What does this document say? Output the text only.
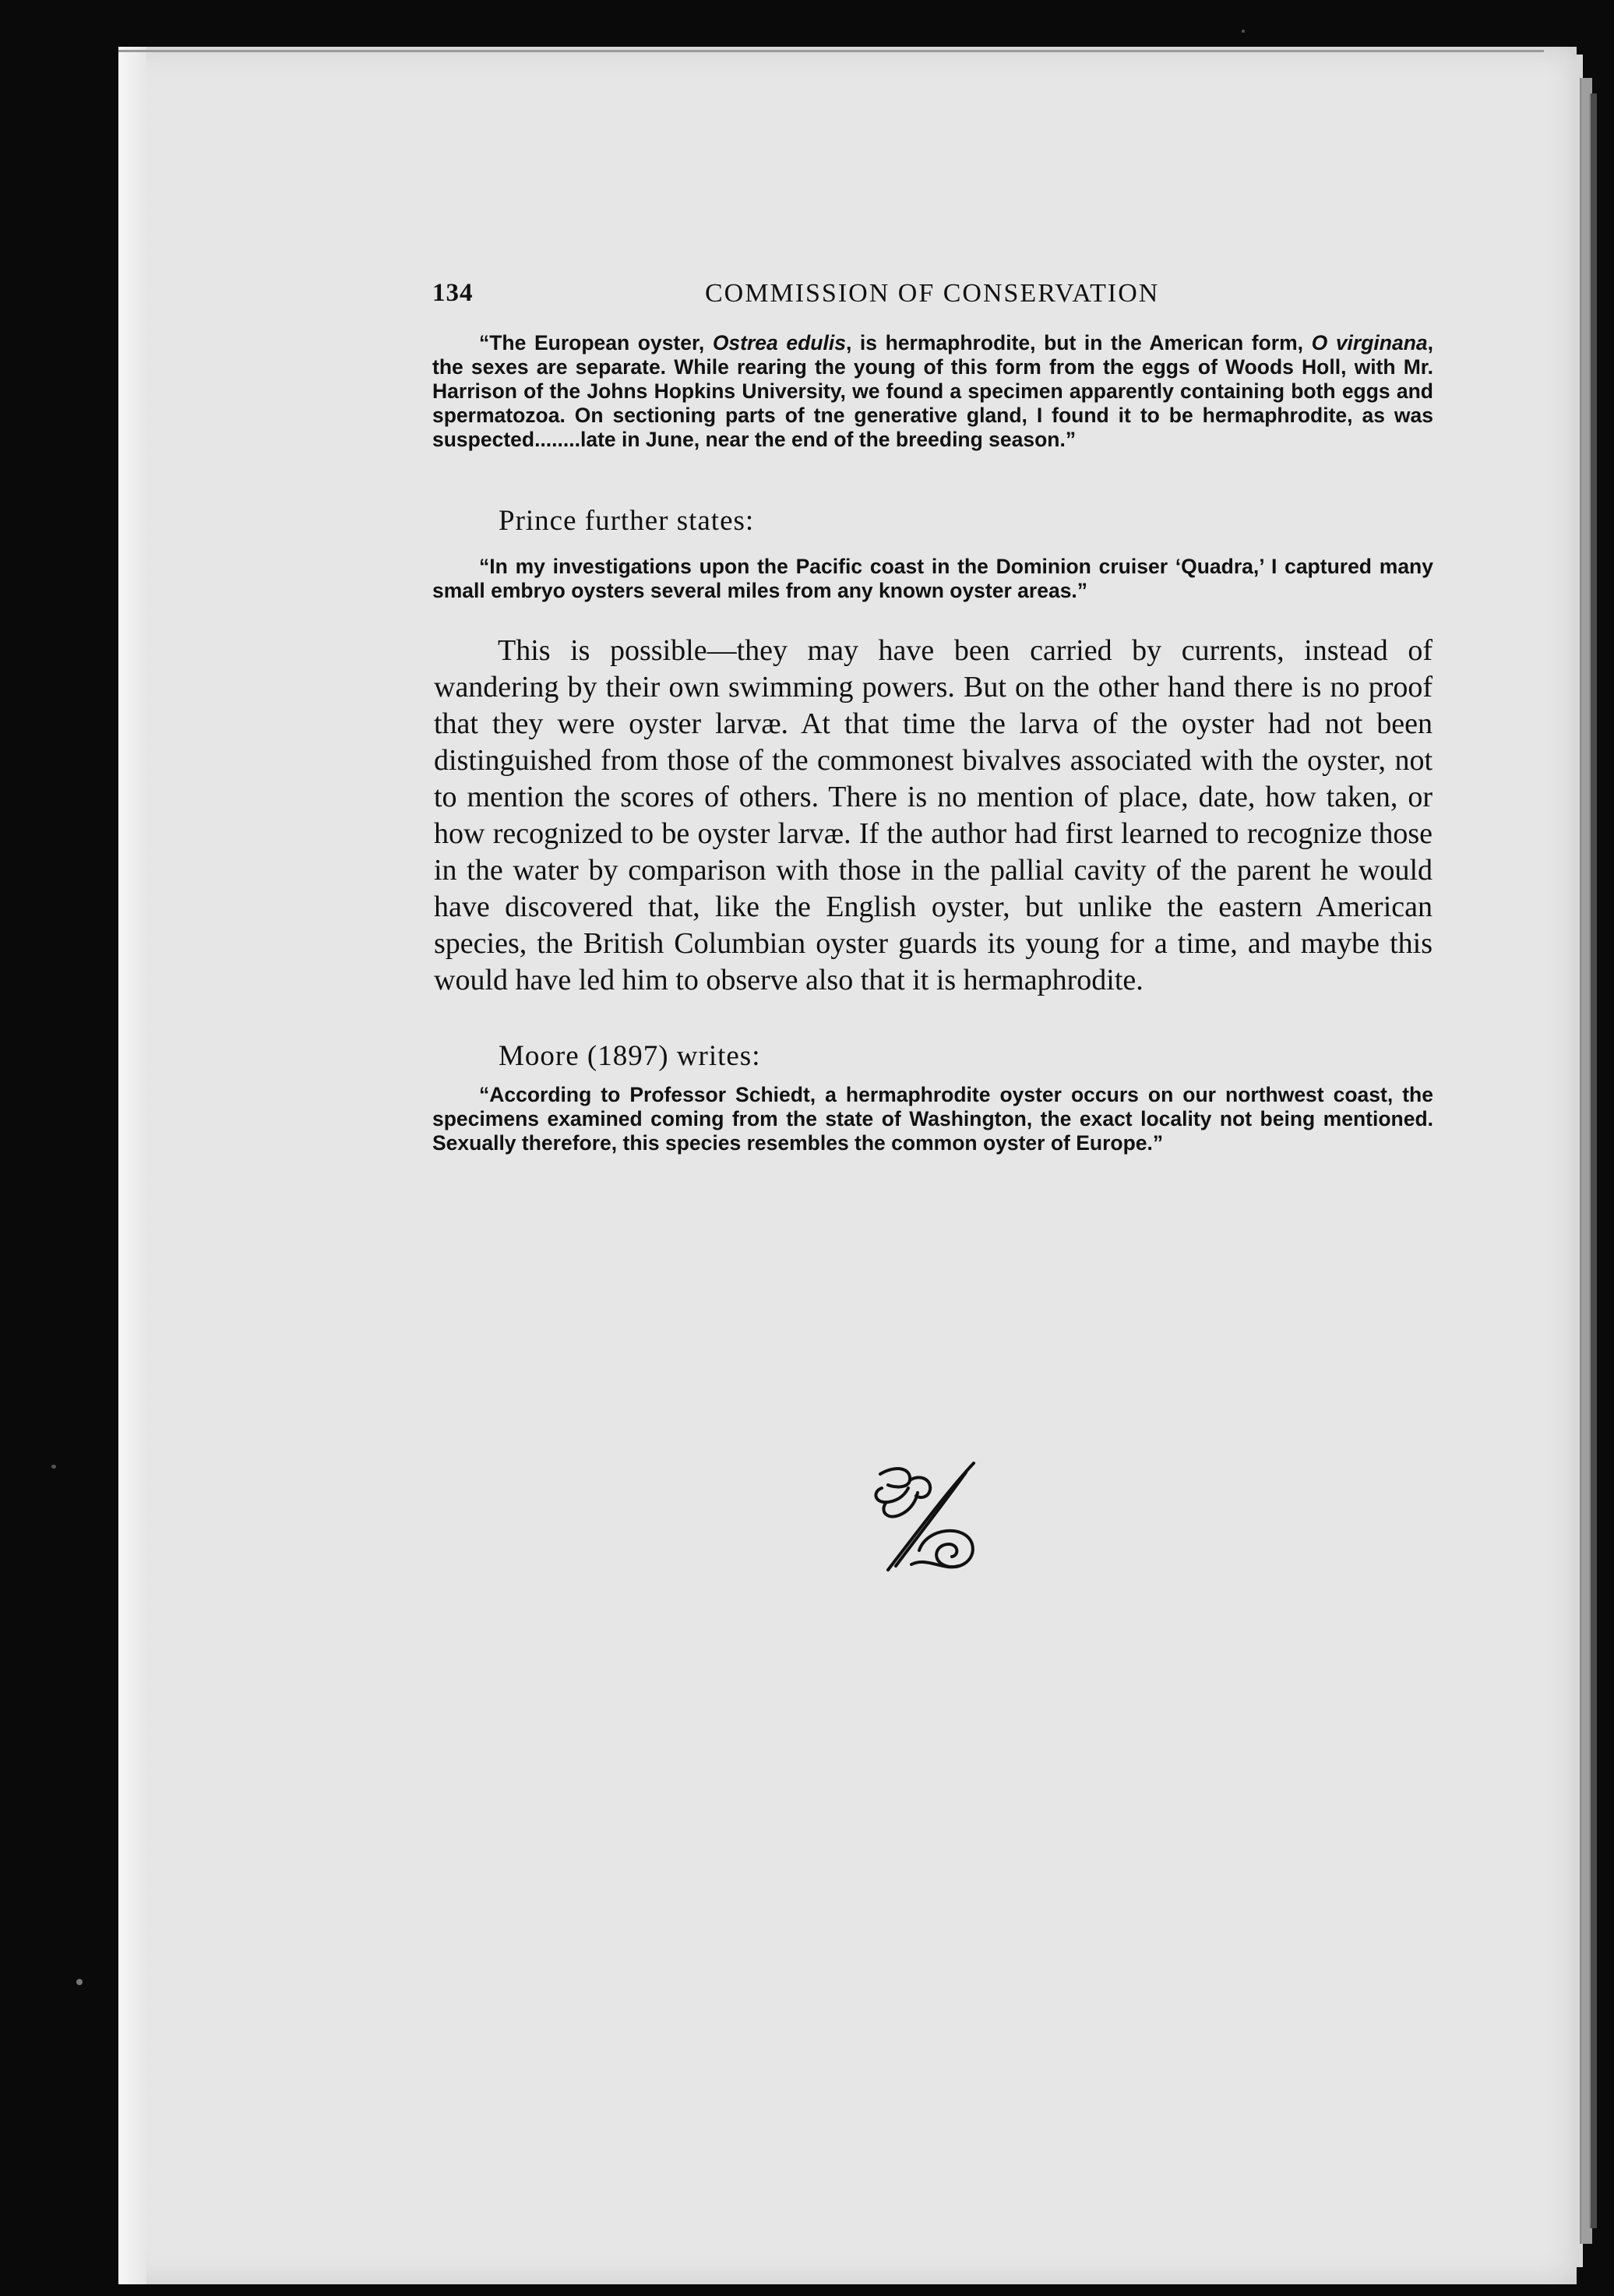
134	COMMISSION OF CONSERVATION

“The European oyster, Ostrea edulis, is hermaphrodite, but in the American form, O virginana, the sexes are separate. While rearing the young of this form from the eggs of Woods Holl, with Mr. Harrison of the Johns Hopkins University, we found a specimen apparently containing both eggs and spermatozoa. On sectioning parts of tne generative gland, I found it to be hermaphrodite, as was suspected........late in June, near the end of the breeding season.”

Prince further states:

“In my investigations upon the Pacific coast in the Dominion cruiser ‘Quadra,’ I captured many small embryo oysters several miles from any known oyster areas.”

This is possible—they may have been carried by currents, instead of wandering by their own swimming powers. But on the other hand there is no proof that they were oyster larvæ. At that time the larva of the oyster had not been distinguished from those of the commonest bivalves associated with the oyster, not to mention the scores of others. There is no mention of place, date, how taken, or how recognized to be oyster larvæ. If the author had first learned to recognize those in the water by comparison with those in the pallial cavity of the parent he would have discovered that, like the English oyster, but unlike the eastern American species, the British Columbian oyster guards its young for a time, and maybe this would have led him to observe also that it is hermaphrodite.

Moore (1897) writes:

“According to Professor Schiedt, a hermaphrodite oyster occurs on our northwest coast, the specimens examined coming from the state of Washington, the exact locality not being mentioned. Sexually therefore, this species resembles the common oyster of Europe.”
